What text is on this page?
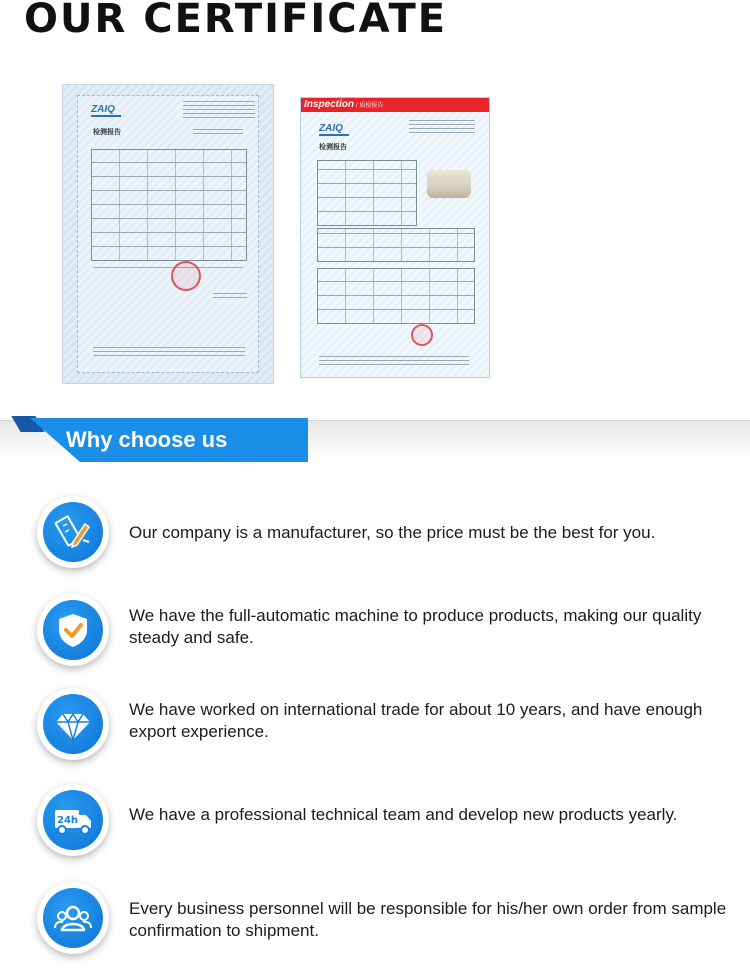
OUR CERTIFICATE
ZAIQ
检测报告
Inspection / 质检报告
ZAIQ
检测报告
Why choose us
Our company is a manufacturer, so the price must be the best for you.
We have the full-automatic machine to produce products, making our quality steady and safe.
We have worked on international trade for about 10 years, and have enough export experience.
24h	We have a professional technical team and develop new products yearly.
Every business personnel will be responsible for his/her own order from sample confirmation to shipment.
